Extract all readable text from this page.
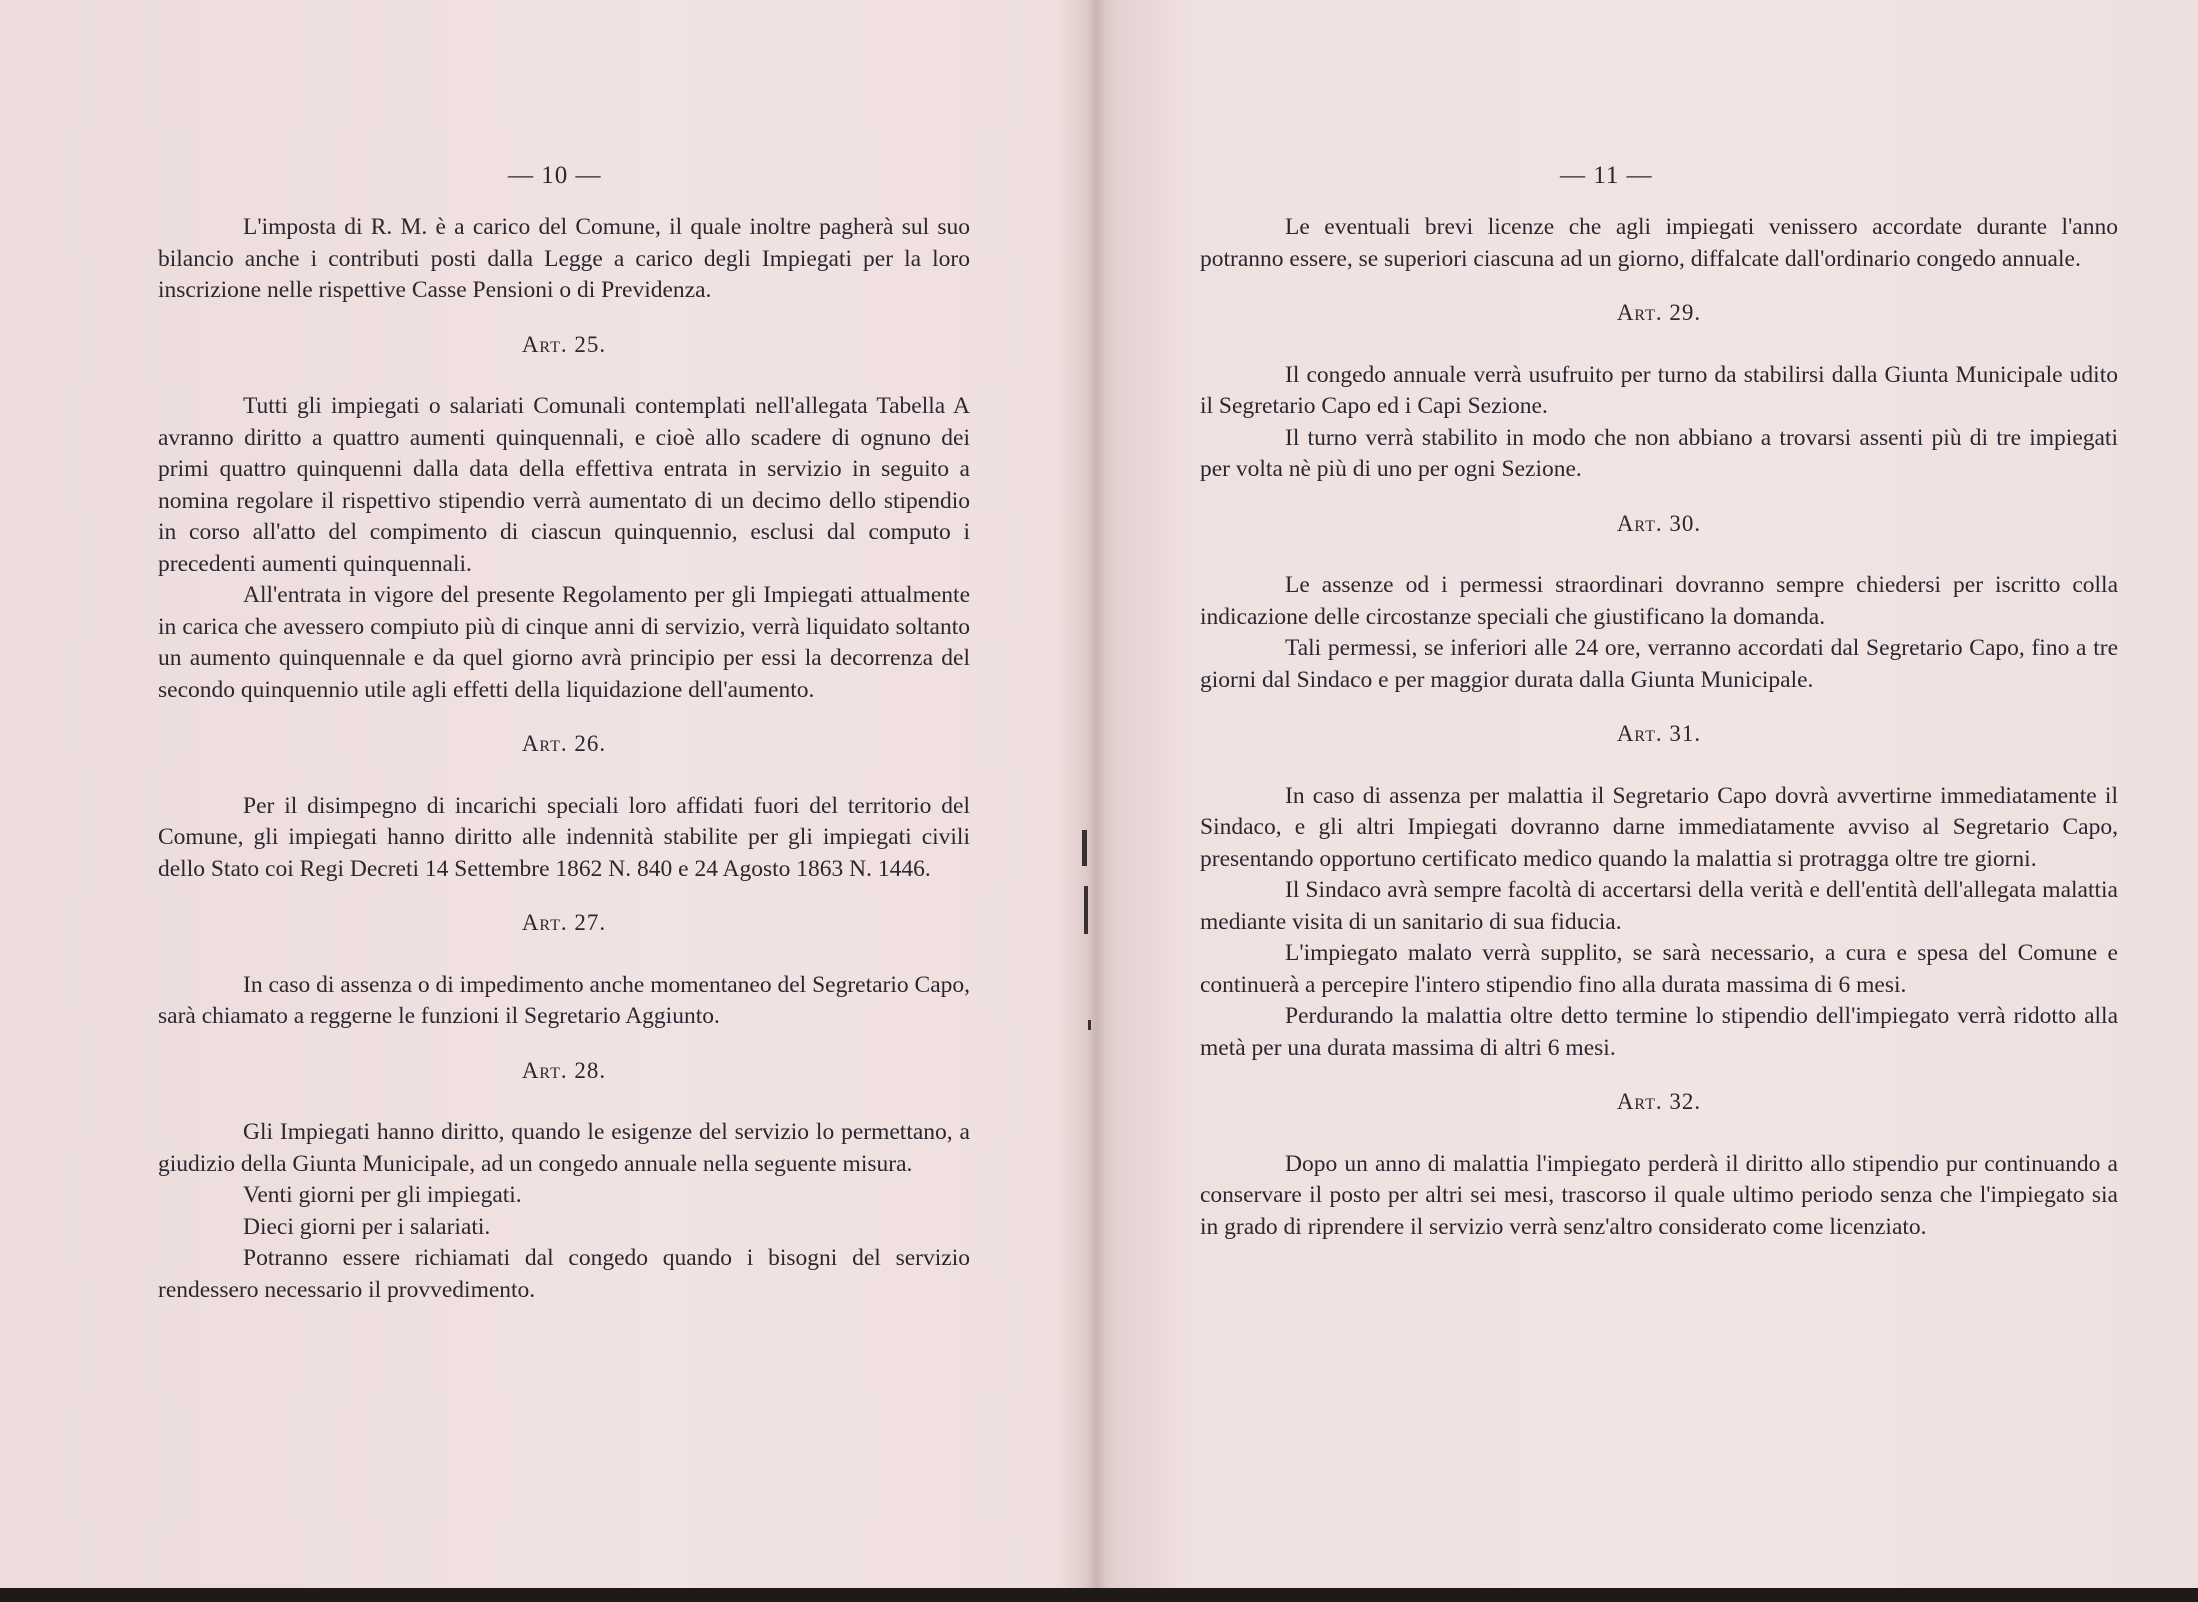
— 10 —

L'imposta di R. M. è a carico del Comune, il quale inoltre pagherà sul suo bilancio anche i contributi posti dalla Legge a carico degli Impiegati per la loro inscrizione nelle rispettive Casse Pensioni o di Previdenza.

Art. 25.

Tutti gli impiegati o salariati Comunali contemplati nell'allegata Tabella A avranno diritto a quattro aumenti quinquennali, e cioè allo scadere di ognuno dei primi quattro quinquenni dalla data della effettiva entrata in servizio in seguito a nomina regolare il rispettivo stipendio verrà aumentato di un decimo dello stipendio in corso all'atto del compimento di ciascun quinquennio, esclusi dal computo i precedenti aumenti quinquennali.

All'entrata in vigore del presente Regolamento per gli Impiegati attualmente in carica che avessero compiuto più di cinque anni di servizio, verrà liquidato soltanto un aumento quinquennale e da quel giorno avrà principio per essi la decorrenza del secondo quinquennio utile agli effetti della liquidazione dell'aumento.

Art. 26.

Per il disimpegno di incarichi speciali loro affidati fuori del territorio del Comune, gli impiegati hanno diritto alle indennità stabilite per gli impiegati civili dello Stato coi Regi Decreti 14 Settembre 1862 N. 840 e 24 Agosto 1863 N. 1446.

Art. 27.

In caso di assenza o di impedimento anche momentaneo del Segretario Capo, sarà chiamato a reggerne le funzioni il Segretario Aggiunto.

Art. 28.

Gli Impiegati hanno diritto, quando le esigenze del servizio lo permettano, a giudizio della Giunta Municipale, ad un congedo annuale nella seguente misura.

Venti giorni per gli impiegati.

Dieci giorni per i salariati.

Potranno essere richiamati dal congedo quando i bisogni del servizio rendessero necessario il provvedimento.

— 11 —

Le eventuali brevi licenze che agli impiegati venissero accordate durante l'anno potranno essere, se superiori ciascuna ad un giorno, diffalcate dall'ordinario congedo annuale.

Art. 29.

Il congedo annuale verrà usufruito per turno da stabilirsi dalla Giunta Municipale udito il Segretario Capo ed i Capi Sezione.

Il turno verrà stabilito in modo che non abbiano a trovarsi assenti più di tre impiegati per volta nè più di uno per ogni Sezione.

Art. 30.

Le assenze od i permessi straordinari dovranno sempre chiedersi per iscritto colla indicazione delle circostanze speciali che giustificano la domanda.

Tali permessi, se inferiori alle 24 ore, verranno accordati dal Segretario Capo, fino a tre giorni dal Sindaco e per maggior durata dalla Giunta Municipale.

Art. 31.

In caso di assenza per malattia il Segretario Capo dovrà avvertirne immediatamente il Sindaco, e gli altri Impiegati dovranno darne immediatamente avviso al Segretario Capo, presentando opportuno certificato medico quando la malattia si protragga oltre tre giorni.

Il Sindaco avrà sempre facoltà di accertarsi della verità e dell'entità dell'allegata malattia mediante visita di un sanitario di sua fiducia.

L'impiegato malato verrà supplito, se sarà necessario, a cura e spesa del Comune e continuerà a percepire l'intero stipendio fino alla durata massima di 6 mesi.

Perdurando la malattia oltre detto termine lo stipendio dell'impiegato verrà ridotto alla metà per una durata massima di altri 6 mesi.

Art. 32.

Dopo un anno di malattia l'impiegato perderà il diritto allo stipendio pur continuando a conservare il posto per altri sei mesi, trascorso il quale ultimo periodo senza che l'impiegato sia in grado di riprendere il servizio verrà senz'altro considerato come licenziato.
